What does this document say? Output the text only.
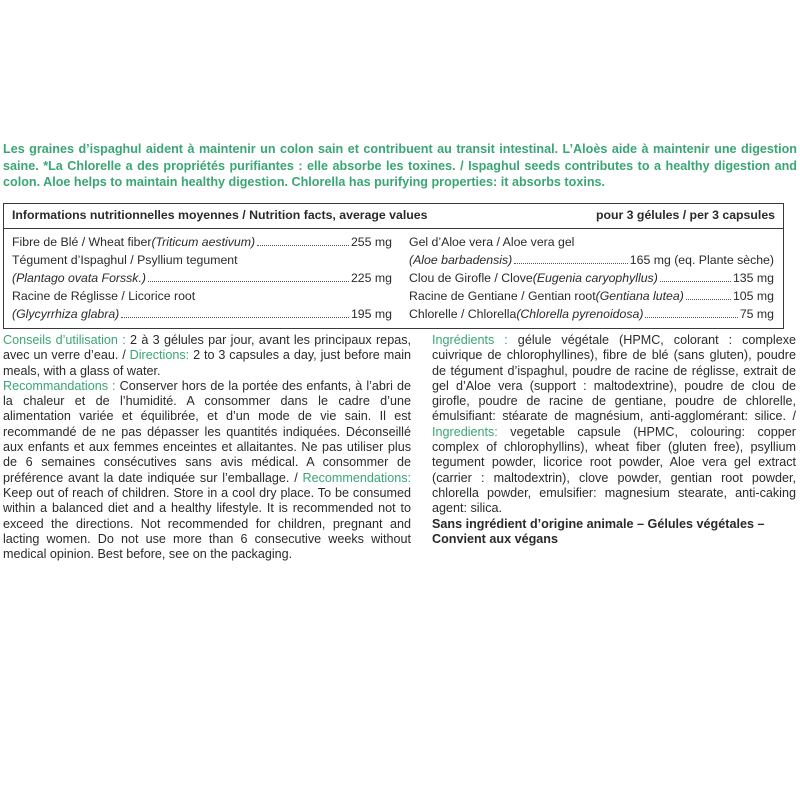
Les graines d’ispaghul aident à maintenir un colon sain et contribuent au transit intestinal. L’Aloès aide à maintenir une digestion saine. *La Chlorelle a des propriétés purifiantes : elle absorbe les toxines. / Ispaghul seeds contributes to a healthy digestion and colon. Aloe helps to maintain healthy digestion. Chlorella has purifying properties: it absorbs toxins.

Informations nutritionnelles moyennes / Nutrition facts, average values	pour 3 gélules / per 3 capsules
Fibre de Blé / Wheat fiber (Triticum aestivum)	255 mg
Tégument d’Ispaghul / Psyllium tegument
(Plantago ovata Forssk.)	225 mg
Racine de Réglisse / Licorice root
(Glycyrrhiza glabra)	195 mg
Gel d’Aloe vera / Aloe vera gel
(Aloe barbadensis)	165 mg (eq. Plante sèche)
Clou de Girofle / Clove (Eugenia caryophyllus)	135 mg
Racine de Gentiane / Gentian root (Gentiana lutea)	105 mg
Chlorelle / Chlorella (Chlorella pyrenoidosa)	75 mg

Conseils d’utilisation : 2 à 3 gélules par jour, avant les principaux repas, avec un verre d’eau. / Directions: 2 to 3 capsules a day, just before main meals, with a glass of water.

Recommandations : Conserver hors de la portée des enfants, à l’abri de la chaleur et de l’humidité. A consommer dans le cadre d’une alimentation variée et équilibrée, et d’un mode de vie sain. Il est recommandé de ne pas dépasser les quantités indiquées. Déconseillé aux enfants et aux femmes enceintes et allaitantes. Ne pas utiliser plus de 6 semaines consécutives sans avis médical. A consommer de préférence avant la date indiquée sur l’emballage. / Recommendations: Keep out of reach of children. Store in a cool dry place. To be consumed within a balanced diet and a healthy lifestyle. It is recommended not to exceed the directions. Not recommended for children, pregnant and lacting women. Do not use more than 6 consecutive weeks without medical opinion. Best before, see on the packaging.

Ingrédients : gélule végétale (HPMC, colorant : complexe cuivrique de chlorophyllines), fibre de blé (sans gluten), poudre de tégument d’ispaghul, poudre de racine de réglisse, extrait de gel d’Aloe vera (support : maltodextrine), poudre de clou de girofle, poudre de racine de gentiane, poudre de chlorelle, émulsifiant: stéarate de magnésium, anti-agglomérant: silice. / Ingredients: vegetable capsule (HPMC, colouring: copper complex of chlorophyllins), wheat fiber (gluten free), psyllium tegument powder, licorice root powder, Aloe vera gel extract (carrier : maltodextrin), clove powder, gentian root powder, chlorella powder, emulsifier: magnesium stearate, anti-caking agent: silica.

Sans ingrédient d’origine animale – Gélules végétales – Convient aux végans
